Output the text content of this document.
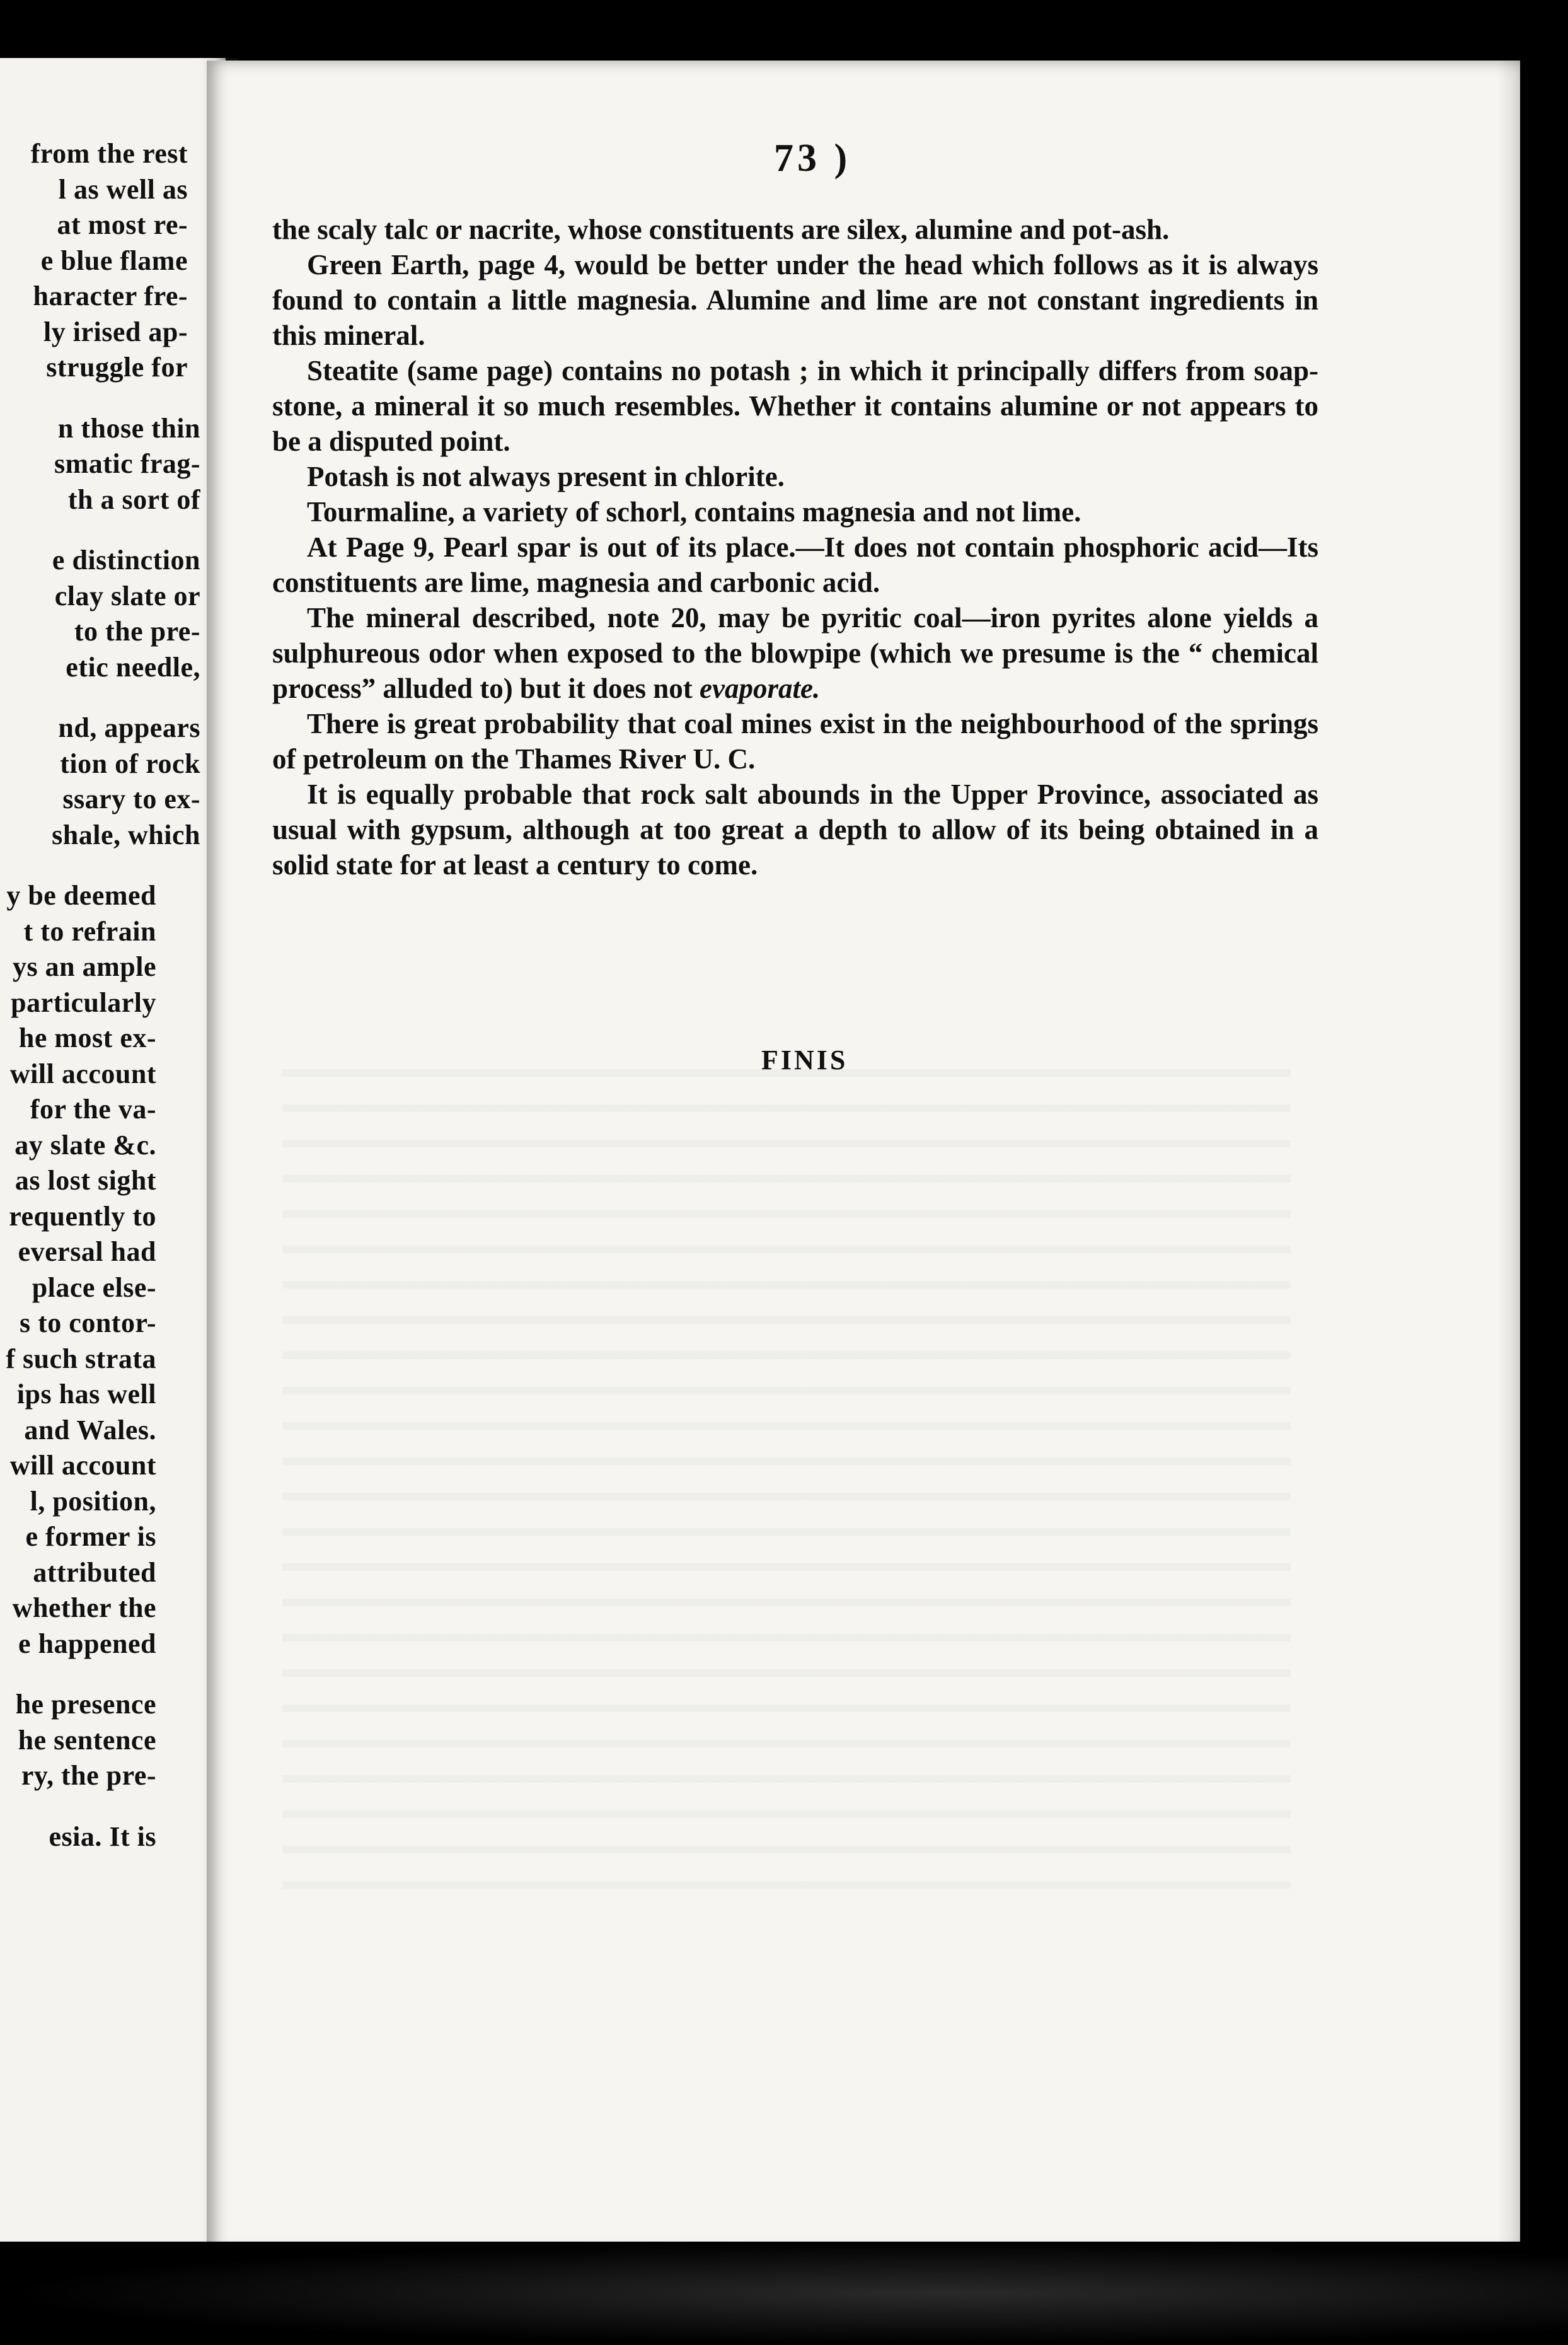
from the rest
l as well as
at most re-
e blue flame
haracter fre-
ly irised ap-
struggle for
n those thin
smatic frag-
th a sort of
e distinction
clay slate or
to the pre-
etic needle,
nd, appears
tion of rock
ssary to ex-
shale, which
y be deemed
t to refrain
ys an ample
particularly
he most ex-
will account
for the va-
ay slate &c.
as lost sight
requently to
eversal had
place else-
s to contor-
f such strata
ips has well
and Wales.
will account
l, position,
e former is
attributed
whether the
e happened
he presence
he sentence
ry, the pre-
esia. It is
73 )

the scaly talc or nacrite, whose constituents are silex, alumine and pot-ash.

Green Earth, page 4, would be better under the head which follows as it is always found to contain a little magnesia. Alumine and lime are not constant ingredients in this mineral.

Steatite (same page) contains no potash ; in which it principally differs from soap-stone, a mineral it so much resembles. Whether it contains alumine or not appears to be a disputed point.

Potash is not always present in chlorite.

Tourmaline, a variety of schorl, contains magnesia and not lime.

At Page 9, Pearl spar is out of its place.—It does not contain phosphoric acid—Its constituents are lime, magnesia and carbonic acid.

The mineral described, note 20, may be pyritic coal—iron pyrites alone yields a sulphureous odor when exposed to the blowpipe (which we presume is the “ chemical process” alluded to) but it does not evaporate.

There is great probability that coal mines exist in the neighbourhood of the springs of petroleum on the Thames River U. C.

It is equally probable that rock salt abounds in the Upper Province, associated as usual with gypsum, although at too great a depth to allow of its being obtained in a solid state for at least a century to come.

FINIS
